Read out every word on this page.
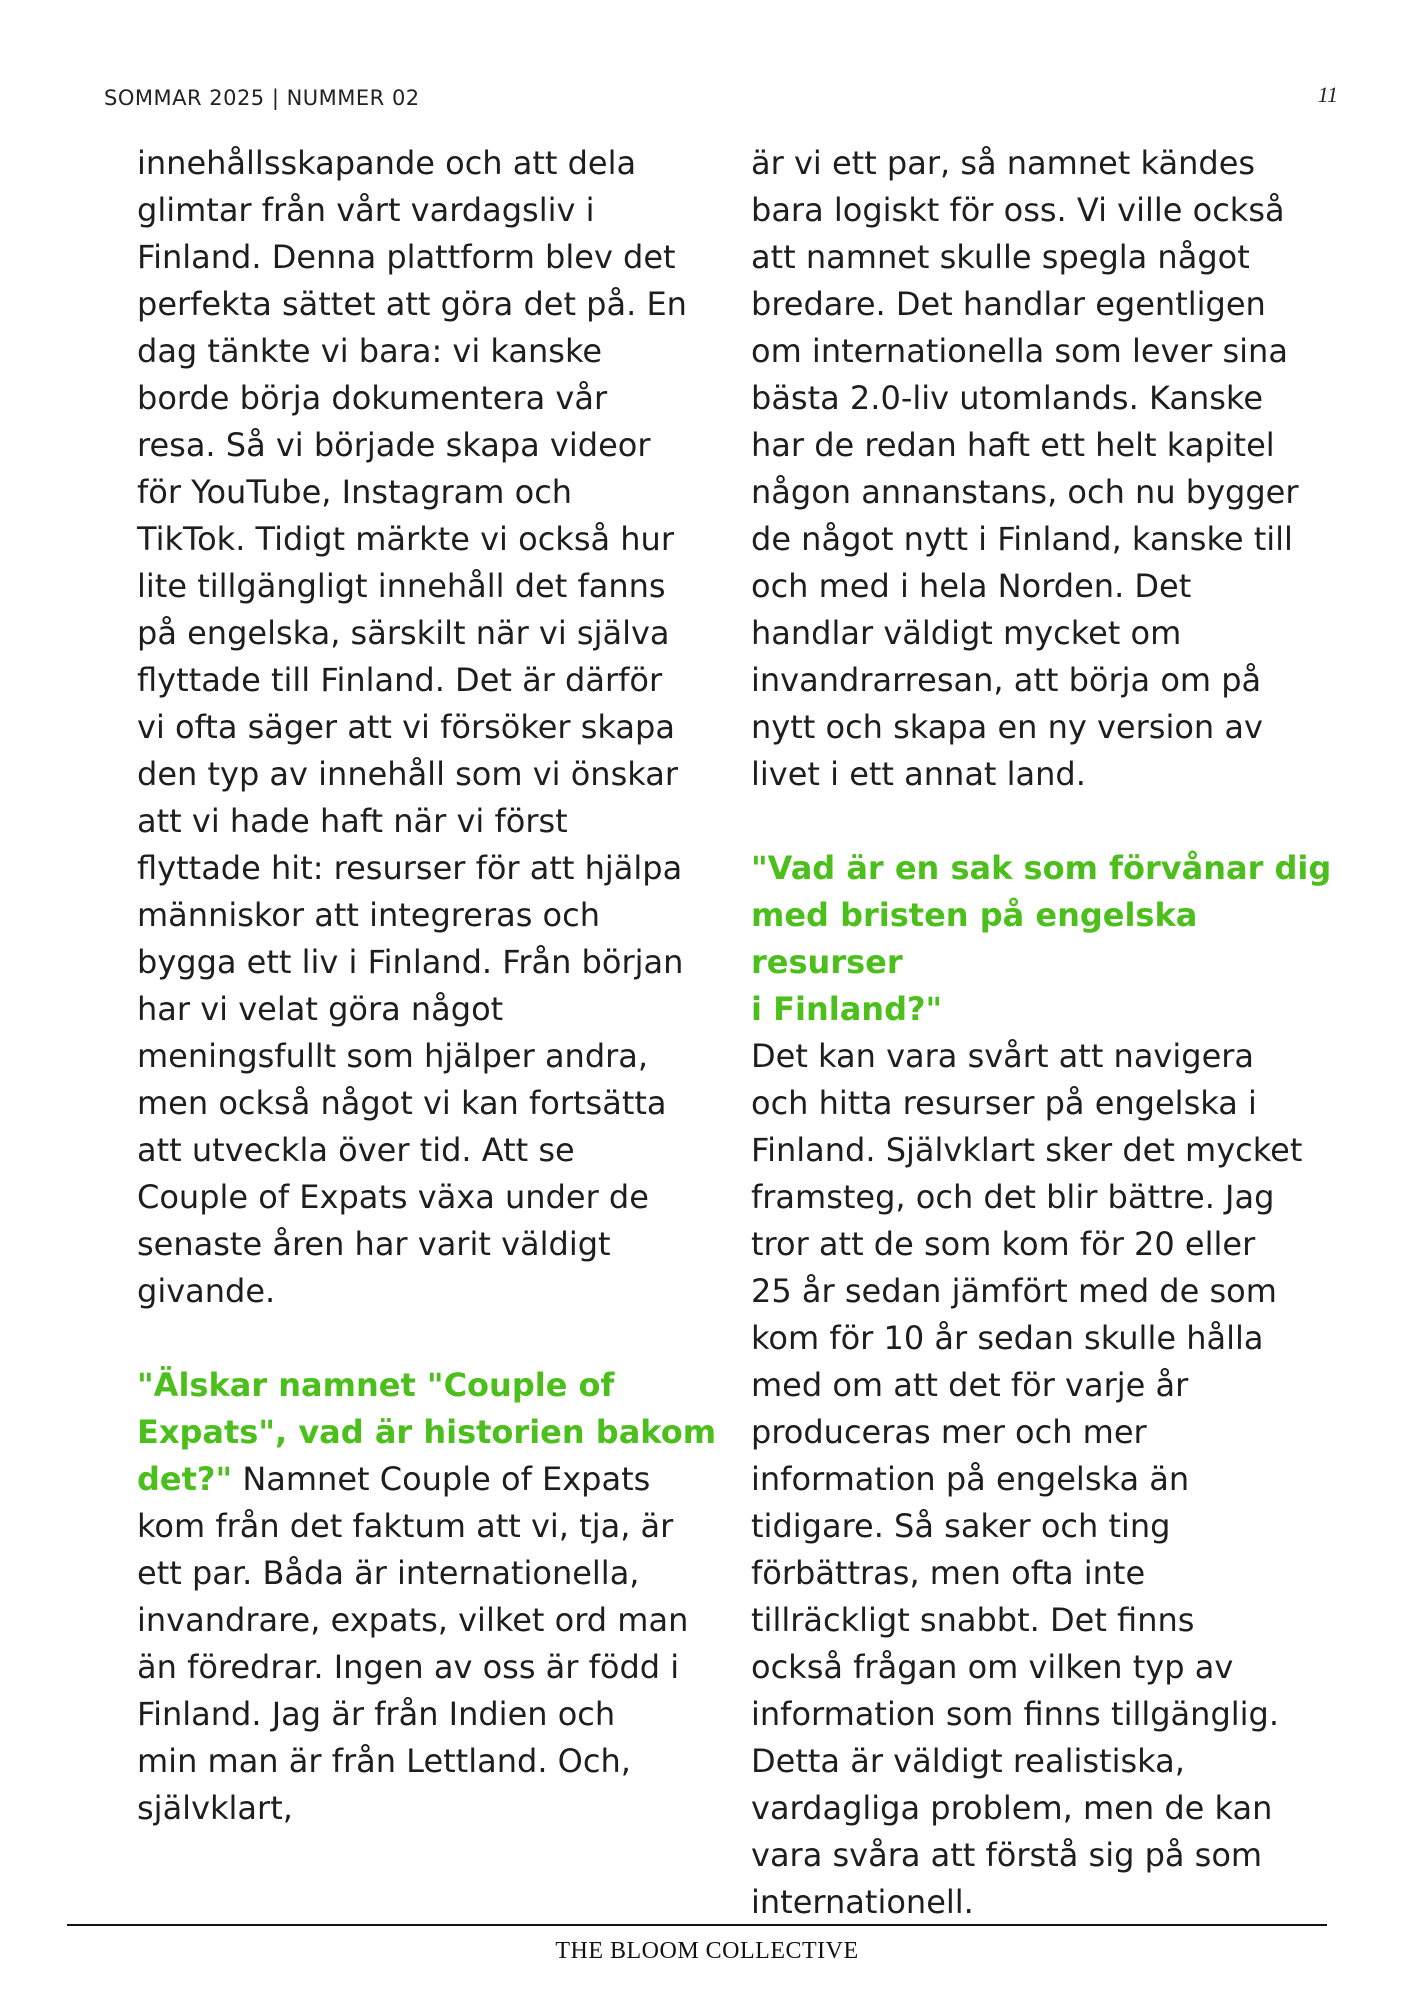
SOMMAR 2025 | NUMMER 02	11

innehållsskapande och att dela

glimtar från vårt vardagsliv i

Finland. Denna plattform blev det

perfekta sättet att göra det på. En

dag tänkte vi bara: vi kanske

borde börja dokumentera vår

resa. Så vi började skapa videor

för YouTube, Instagram och

TikTok. Tidigt märkte vi också hur

lite tillgängligt innehåll det fanns

på engelska, särskilt när vi själva

flyttade till Finland. Det är därför

vi ofta säger att vi försöker skapa

den typ av innehåll som vi önskar

att vi hade haft när vi först

flyttade hit: resurser för att hjälpa

människor att integreras och

bygga ett liv i Finland. Från början

har vi velat göra något

meningsfullt som hjälper andra,

men också något vi kan fortsätta

att utveckla över tid. Att se

Couple of Expats växa under de

senaste åren har varit väldigt

givande.

"Älskar namnet "Couple of

Expats", vad är historien bakom

det?" Namnet Couple of Expats

kom från det faktum att vi, tja, är

ett par. Båda är internationella,

invandrare, expats, vilket ord man

än föredrar. Ingen av oss är född i

Finland. Jag är från Indien och

min man är från Lettland. Och,

självklart,

är vi ett par, så namnet kändes

bara logiskt för oss. Vi ville också

att namnet skulle spegla något

bredare. Det handlar egentligen

om internationella som lever sina

bästa 2.0-liv utomlands. Kanske

har de redan haft ett helt kapitel

någon annanstans, och nu bygger

de något nytt i Finland, kanske till

och med i hela Norden. Det

handlar väldigt mycket om

invandrarresan, att börja om på

nytt och skapa en ny version av

livet i ett annat land.

"Vad är en sak som förvånar dig

med bristen på engelska resurser

i Finland?"

Det kan vara svårt att navigera

och hitta resurser på engelska i

Finland. Självklart sker det mycket

framsteg, och det blir bättre. Jag

tror att de som kom för 20 eller

25 år sedan jämfört med de som

kom för 10 år sedan skulle hålla

med om att det för varje år

produceras mer och mer

information på engelska än

tidigare. Så saker och ting

förbättras, men ofta inte

tillräckligt snabbt. Det finns

också frågan om vilken typ av

information som finns tillgänglig.

Detta är väldigt realistiska,

vardagliga problem, men de kan

vara svåra att förstå sig på som

internationell.

THE BLOOM COLLECTIVE
